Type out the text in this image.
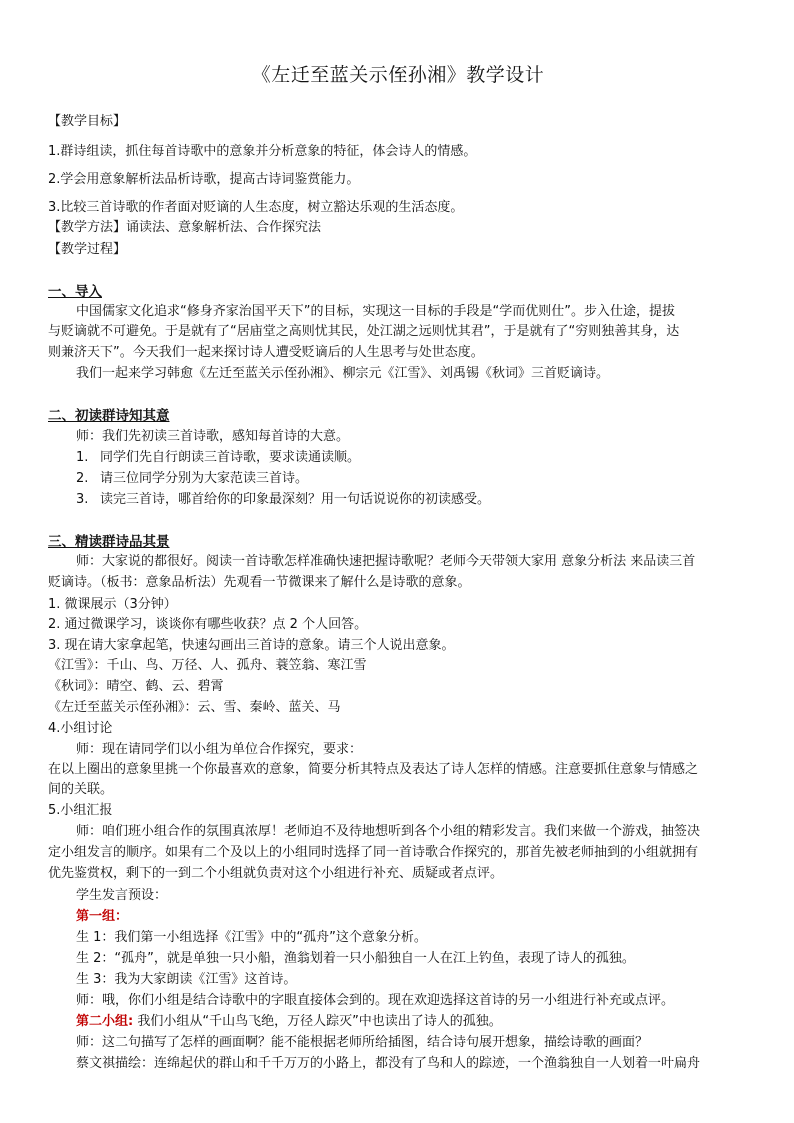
《左迁至蓝关示侄孙湘》教学设计
【教学目标】
1.群诗组读，抓住每首诗歌中的意象并分析意象的特征，体会诗人的情感。
2.学会用意象解析法品析诗歌，提高古诗词鉴赏能力。
3.比较三首诗歌的作者面对贬谪的人生态度，树立豁达乐观的生活态度。
【教学方法】诵读法、意象解析法、合作探究法
【教学过程】
一、导入
中国儒家文化追求“修身齐家治国平天下”的目标，实现这一目标的手段是“学而优则仕”。步入仕途，提拔
与贬谪就不可避免。于是就有了“居庙堂之高则忧其民，处江湖之远则忧其君”，于是就有了“穷则独善其身，达
则兼济天下”。今天我们一起来探讨诗人遭受贬谪后的人生思考与处世态度。
我们一起来学习韩愈《左迁至蓝关示侄孙湘》、柳宗元《江雪》、刘禹锡《秋词》三首贬谪诗。
二、初读群诗知其意
师：我们先初读三首诗歌，感知每首诗的大意。
1. 同学们先自行朗读三首诗歌，要求读通读顺。
2. 请三位同学分别为大家范读三首诗。
3. 读完三首诗，哪首给你的印象最深刻？用一句话说说你的初读感受。
三、精读群诗品其景
师：大家说的都很好。阅读一首诗歌怎样准确快速把握诗歌呢？老师今天带领大家用 意象分析法 来品读三首
贬谪诗。（板书：意象品析法）先观看一节微课来了解什么是诗歌的意象。
1. 微课展示（3分钟）
2. 通过微课学习，谈谈你有哪些收获？点 2 个人回答。
3. 现在请大家拿起笔，快速勾画出三首诗的意象。请三个人说出意象。
《江雪》：千山、鸟、万径、人、孤舟、蓑笠翁、寒江雪
《秋词》：晴空、鹤、云、碧霄
《左迁至蓝关示侄孙湘》：云、雪、秦岭、蓝关、马
4.小组讨论
师：现在请同学们以小组为单位合作探究，要求：
在以上圈出的意象里挑一个你最喜欢的意象，简要分析其特点及表达了诗人怎样的情感。注意要抓住意象与情感之
间的关联。
5.小组汇报
师：咱们班小组合作的氛围真浓厚！老师迫不及待地想听到各个小组的精彩发言。我们来做一个游戏，抽签决
定小组发言的顺序。如果有二个及以上的小组同时选择了同一首诗歌合作探究的，那首先被老师抽到的小组就拥有
优先鉴赏权，剩下的一到二个小组就负责对这个小组进行补充、质疑或者点评。
学生发言预设：
第一组：
生 1：我们第一小组选择《江雪》中的“孤舟”这个意象分析。
生 2：“孤舟”，就是单独一只小船，渔翁划着一只小船独自一人在江上钓鱼，表现了诗人的孤独。
生 3：我为大家朗读《江雪》这首诗。
师：哦，你们小组是结合诗歌中的字眼直接体会到的。现在欢迎选择这首诗的另一小组进行补充或点评。
第二小组: 我们小组从“千山鸟飞绝，万径人踪灭”中也读出了诗人的孤独。
师：这二句描写了怎样的画面啊？能不能根据老师所给插图，结合诗句展开想象，描绘诗歌的画面？
蔡文祺描绘：连绵起伏的群山和千千万万的小路上，都没有了鸟和人的踪迹，一个渔翁独自一人划着一叶扁舟
